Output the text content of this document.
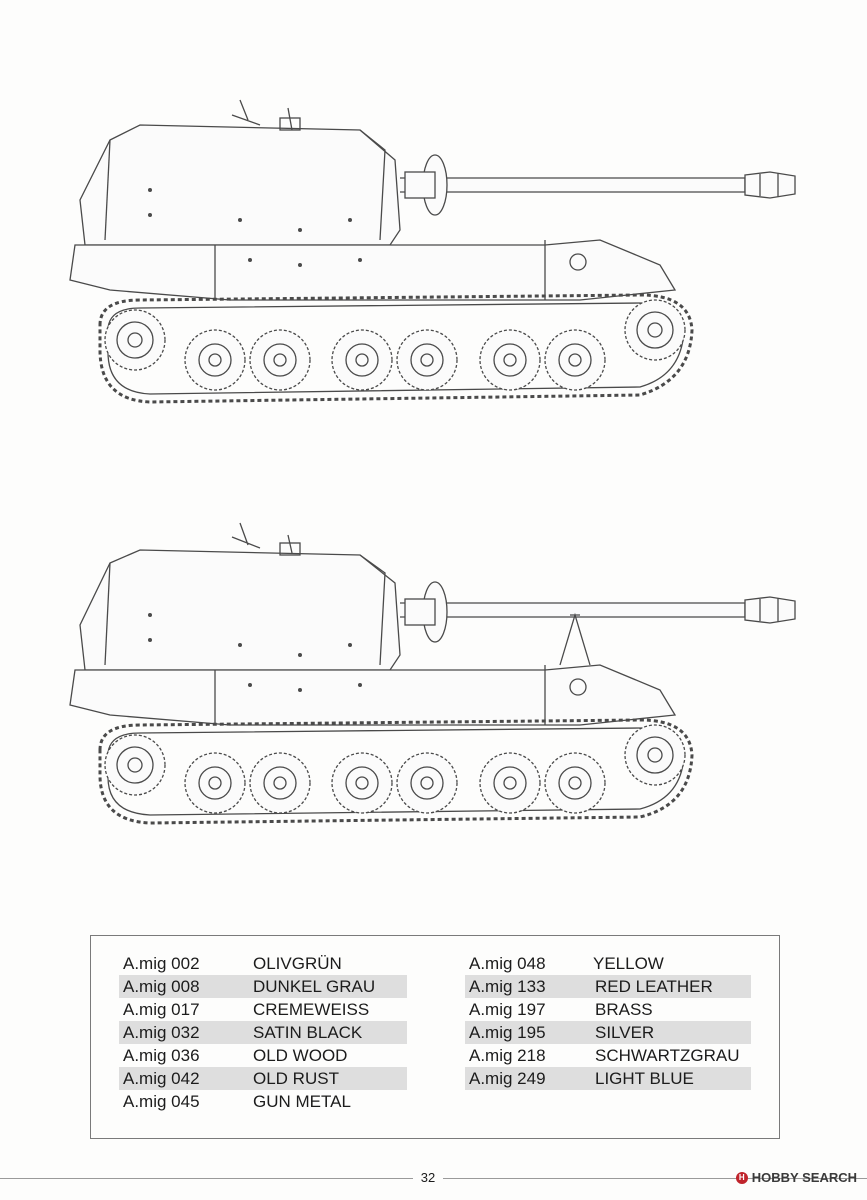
A.mig 002	OLIVGRÜN
A.mig 008	DUNKEL GRAU
A.mig 017	CREMEWEISS
A.mig 032	SATIN BLACK
A.mig 036	OLD WOOD
A.mig 042	OLD RUST
A.mig 045	GUN METAL
A.mig 048	YELLOW
A.mig 133	RED LEATHER
A.mig 197	BRASS
A.mig 195	SILVER
A.mig 218	SCHWARTZGRAU
A.mig 249	LIGHT BLUE
32	H HOBBY SEARCH
